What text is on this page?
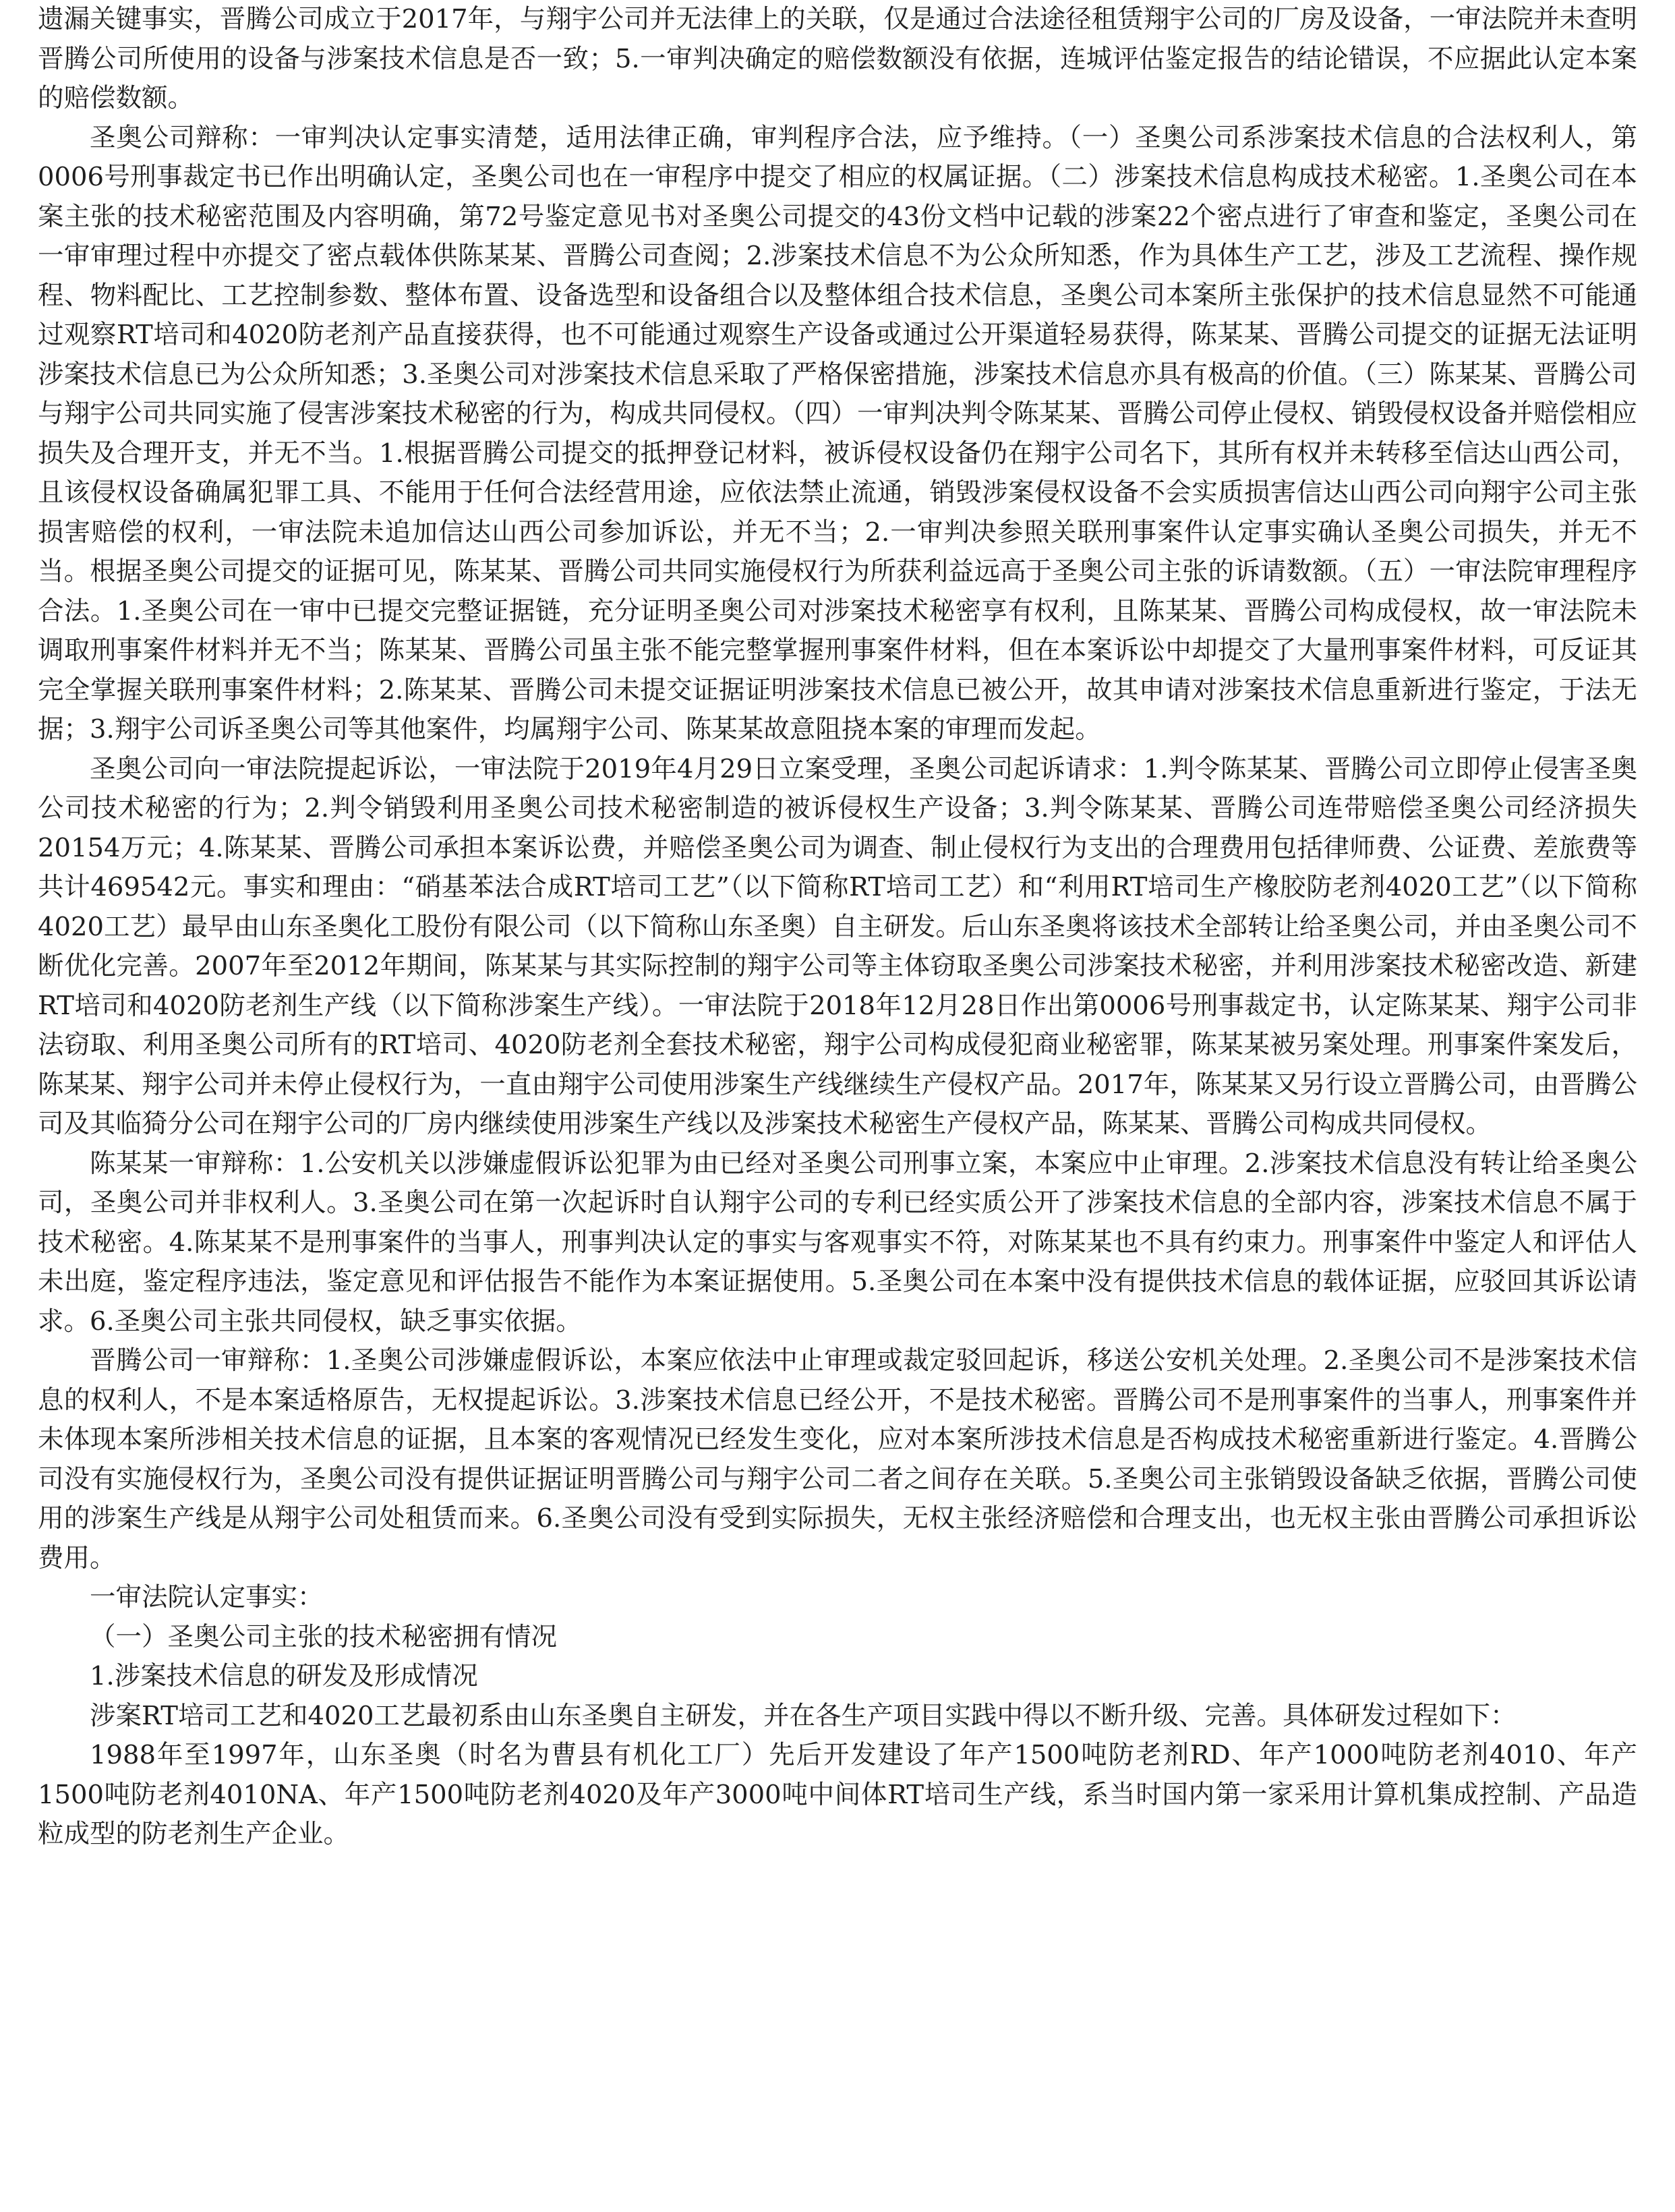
遗漏关键事实，晋腾公司成立于2017年，与翔宇公司并无法律上的关联，仅是通过合法途径租赁翔宇公司的厂房及设备，一审法院并未查明晋腾公司所使用的设备与涉案技术信息是否一致；5.一审判决确定的赔偿数额没有依据，连城评估鉴定报告的结论错误，不应据此认定本案的赔偿数额。

圣奥公司辩称：一审判决认定事实清楚，适用法律正确，审判程序合法，应予维持。（一）圣奥公司系涉案技术信息的合法权利人，第0006号刑事裁定书已作出明确认定，圣奥公司也在一审程序中提交了相应的权属证据。（二）涉案技术信息构成技术秘密。1.圣奥公司在本案主张的技术秘密范围及内容明确，第72号鉴定意见书对圣奥公司提交的43份文档中记载的涉案22个密点进行了审查和鉴定，圣奥公司在一审审理过程中亦提交了密点载体供陈某某、晋腾公司查阅；2.涉案技术信息不为公众所知悉，作为具体生产工艺，涉及工艺流程、操作规程、物料配比、工艺控制参数、整体布置、设备选型和设备组合以及整体组合技术信息，圣奥公司本案所主张保护的技术信息显然不可能通过观察RT培司和4020防老剂产品直接获得，也不可能通过观察生产设备或通过公开渠道轻易获得，陈某某、晋腾公司提交的证据无法证明涉案技术信息已为公众所知悉；3.圣奥公司对涉案技术信息采取了严格保密措施，涉案技术信息亦具有极高的价值。（三）陈某某、晋腾公司与翔宇公司共同实施了侵害涉案技术秘密的行为，构成共同侵权。（四）一审判决判令陈某某、晋腾公司停止侵权、销毁侵权设备并赔偿相应损失及合理开支，并无不当。1.根据晋腾公司提交的抵押登记材料，被诉侵权设备仍在翔宇公司名下，其所有权并未转移至信达山西公司，且该侵权设备确属犯罪工具、不能用于任何合法经营用途，应依法禁止流通，销毁涉案侵权设备不会实质损害信达山西公司向翔宇公司主张损害赔偿的权利，一审法院未追加信达山西公司参加诉讼，并无不当；2.一审判决参照关联刑事案件认定事实确认圣奥公司损失，并无不当。根据圣奥公司提交的证据可见，陈某某、晋腾公司共同实施侵权行为所获利益远高于圣奥公司主张的诉请数额。（五）一审法院审理程序合法。1.圣奥公司在一审中已提交完整证据链，充分证明圣奥公司对涉案技术秘密享有权利，且陈某某、晋腾公司构成侵权，故一审法院未调取刑事案件材料并无不当；陈某某、晋腾公司虽主张不能完整掌握刑事案件材料，但在本案诉讼中却提交了大量刑事案件材料，可反证其完全掌握关联刑事案件材料；2.陈某某、晋腾公司未提交证据证明涉案技术信息已被公开，故其申请对涉案技术信息重新进行鉴定，于法无据；3.翔宇公司诉圣奥公司等其他案件，均属翔宇公司、陈某某故意阻挠本案的审理而发起。

圣奥公司向一审法院提起诉讼，一审法院于2019年4月29日立案受理，圣奥公司起诉请求：1.判令陈某某、晋腾公司立即停止侵害圣奥公司技术秘密的行为；2.判令销毁利用圣奥公司技术秘密制造的被诉侵权生产设备；3.判令陈某某、晋腾公司连带赔偿圣奥公司经济损失20154万元；4.陈某某、晋腾公司承担本案诉讼费，并赔偿圣奥公司为调查、制止侵权行为支出的合理费用包括律师费、公证费、差旅费等共计469542元。事实和理由：“硝基苯法合成RT培司工艺”（以下简称RT培司工艺）和“利用RT培司生产橡胶防老剂4020工艺”（以下简称4020工艺）最早由山东圣奥化工股份有限公司（以下简称山东圣奥）自主研发。后山东圣奥将该技术全部转让给圣奥公司，并由圣奥公司不断优化完善。2007年至2012年期间，陈某某与其实际控制的翔宇公司等主体窃取圣奥公司涉案技术秘密，并利用涉案技术秘密改造、新建RT培司和4020防老剂生产线（以下简称涉案生产线）。一审法院于2018年12月28日作出第0006号刑事裁定书，认定陈某某、翔宇公司非法窃取、利用圣奥公司所有的RT培司、4020防老剂全套技术秘密，翔宇公司构成侵犯商业秘密罪，陈某某被另案处理。刑事案件案发后，陈某某、翔宇公司并未停止侵权行为，一直由翔宇公司使用涉案生产线继续生产侵权产品。2017年，陈某某又另行设立晋腾公司，由晋腾公司及其临猗分公司在翔宇公司的厂房内继续使用涉案生产线以及涉案技术秘密生产侵权产品，陈某某、晋腾公司构成共同侵权。

陈某某一审辩称：1.公安机关以涉嫌虚假诉讼犯罪为由已经对圣奥公司刑事立案，本案应中止审理。2.涉案技术信息没有转让给圣奥公司，圣奥公司并非权利人。3.圣奥公司在第一次起诉时自认翔宇公司的专利已经实质公开了涉案技术信息的全部内容，涉案技术信息不属于技术秘密。4.陈某某不是刑事案件的当事人，刑事判决认定的事实与客观事实不符，对陈某某也不具有约束力。刑事案件中鉴定人和评估人未出庭，鉴定程序违法，鉴定意见和评估报告不能作为本案证据使用。5.圣奥公司在本案中没有提供技术信息的载体证据，应驳回其诉讼请求。6.圣奥公司主张共同侵权，缺乏事实依据。

晋腾公司一审辩称：1.圣奥公司涉嫌虚假诉讼，本案应依法中止审理或裁定驳回起诉，移送公安机关处理。2.圣奥公司不是涉案技术信息的权利人，不是本案适格原告，无权提起诉讼。3.涉案技术信息已经公开，不是技术秘密。晋腾公司不是刑事案件的当事人，刑事案件并未体现本案所涉相关技术信息的证据，且本案的客观情况已经发生变化，应对本案所涉技术信息是否构成技术秘密重新进行鉴定。4.晋腾公司没有实施侵权行为，圣奥公司没有提供证据证明晋腾公司与翔宇公司二者之间存在关联。5.圣奥公司主张销毁设备缺乏依据，晋腾公司使用的涉案生产线是从翔宇公司处租赁而来。6.圣奥公司没有受到实际损失，无权主张经济赔偿和合理支出，也无权主张由晋腾公司承担诉讼费用。

一审法院认定事实：

（一）圣奥公司主张的技术秘密拥有情况

1.涉案技术信息的研发及形成情况

涉案RT培司工艺和4020工艺最初系由山东圣奥自主研发，并在各生产项目实践中得以不断升级、完善。具体研发过程如下：

1988年至1997年，山东圣奥（时名为曹县有机化工厂）先后开发建设了年产1500吨防老剂RD、年产1000吨防老剂4010、年产1500吨防老剂4010NA、年产1500吨防老剂4020及年产3000吨中间体RT培司生产线，系当时国内第一家采用计算机集成控制、产品造粒成型的防老剂生产企业。
